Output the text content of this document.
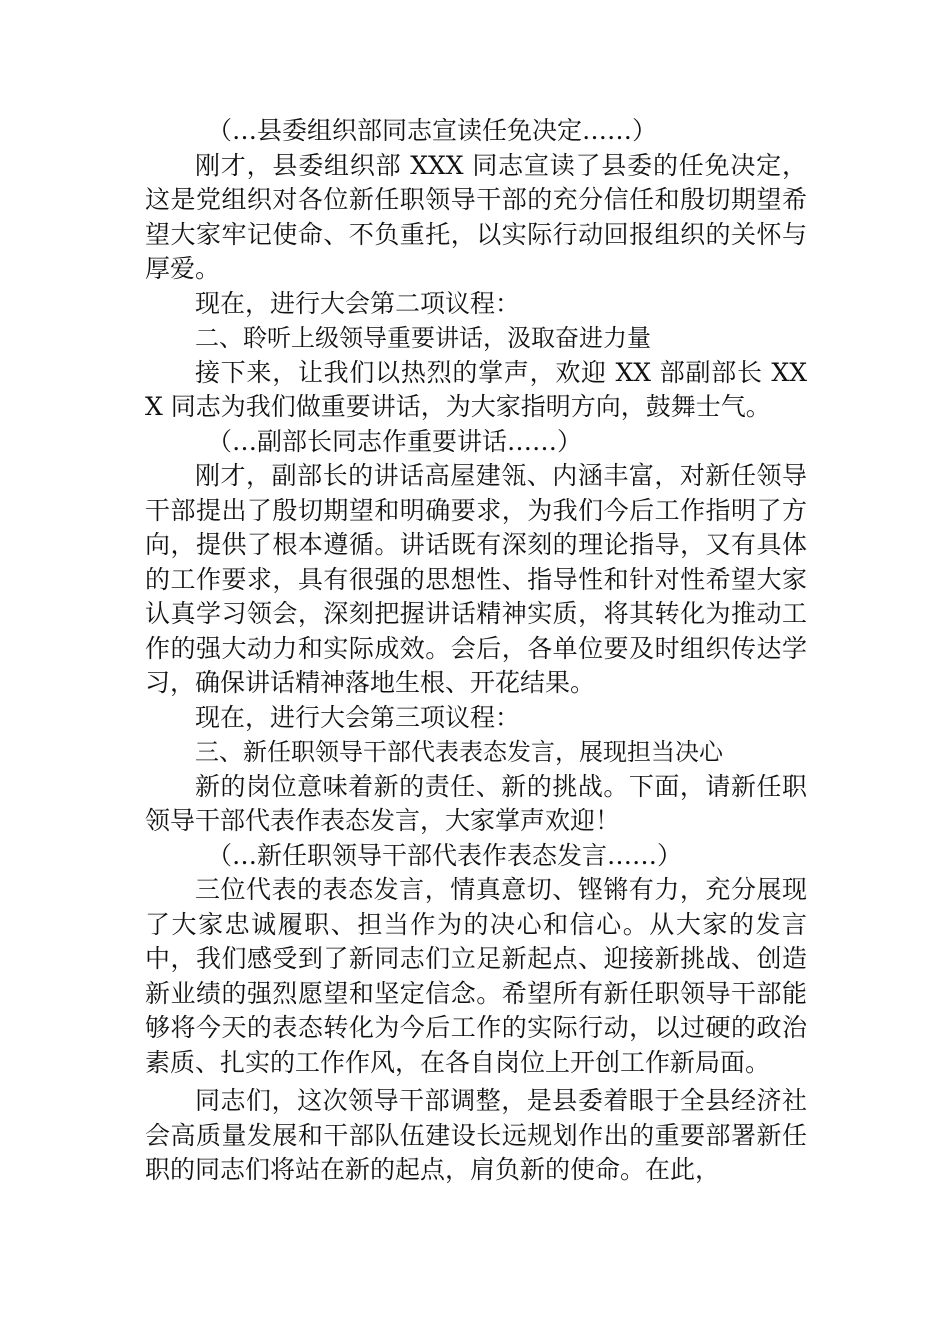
（…县委组织部同志宣读任免决定……）

刚才，县委组织部 XXX 同志宣读了县委的任免决定，这是党组织对各位新任职领导干部的充分信任和殷切期望希望大家牢记使命、不负重托，以实际行动回报组织的关怀与厚爱。

现在，进行大会第二项议程：

二、聆听上级领导重要讲话，汲取奋进力量

接下来，让我们以热烈的掌声，欢迎 XX 部副部长 XXX 同志为我们做重要讲话，为大家指明方向，鼓舞士气。

（…副部长同志作重要讲话……）

刚才，副部长的讲话高屋建瓴、内涵丰富，对新任领导干部提出了殷切期望和明确要求，为我们今后工作指明了方向，提供了根本遵循。讲话既有深刻的理论指导，又有具体的工作要求，具有很强的思想性、指导性和针对性希望大家认真学习领会，深刻把握讲话精神实质，将其转化为推动工作的强大动力和实际成效。会后，各单位要及时组织传达学习，确保讲话精神落地生根、开花结果。

现在，进行大会第三项议程：

三、新任职领导干部代表表态发言，展现担当决心

新的岗位意味着新的责任、新的挑战。下面，请新任职领导干部代表作表态发言，大家掌声欢迎！

（…新任职领导干部代表作表态发言……）

三位代表的表态发言，情真意切、铿锵有力，充分展现了大家忠诚履职、担当作为的决心和信心。从大家的发言中，我们感受到了新同志们立足新起点、迎接新挑战、创造新业绩的强烈愿望和坚定信念。希望所有新任职领导干部能够将今天的表态转化为今后工作的实际行动，以过硬的政治素质、扎实的工作作风，在各自岗位上开创工作新局面。

同志们，这次领导干部调整，是县委着眼于全县经济社会高质量发展和干部队伍建设长远规划作出的重要部署新任职的同志们将站在新的起点，肩负新的使命。在此，
